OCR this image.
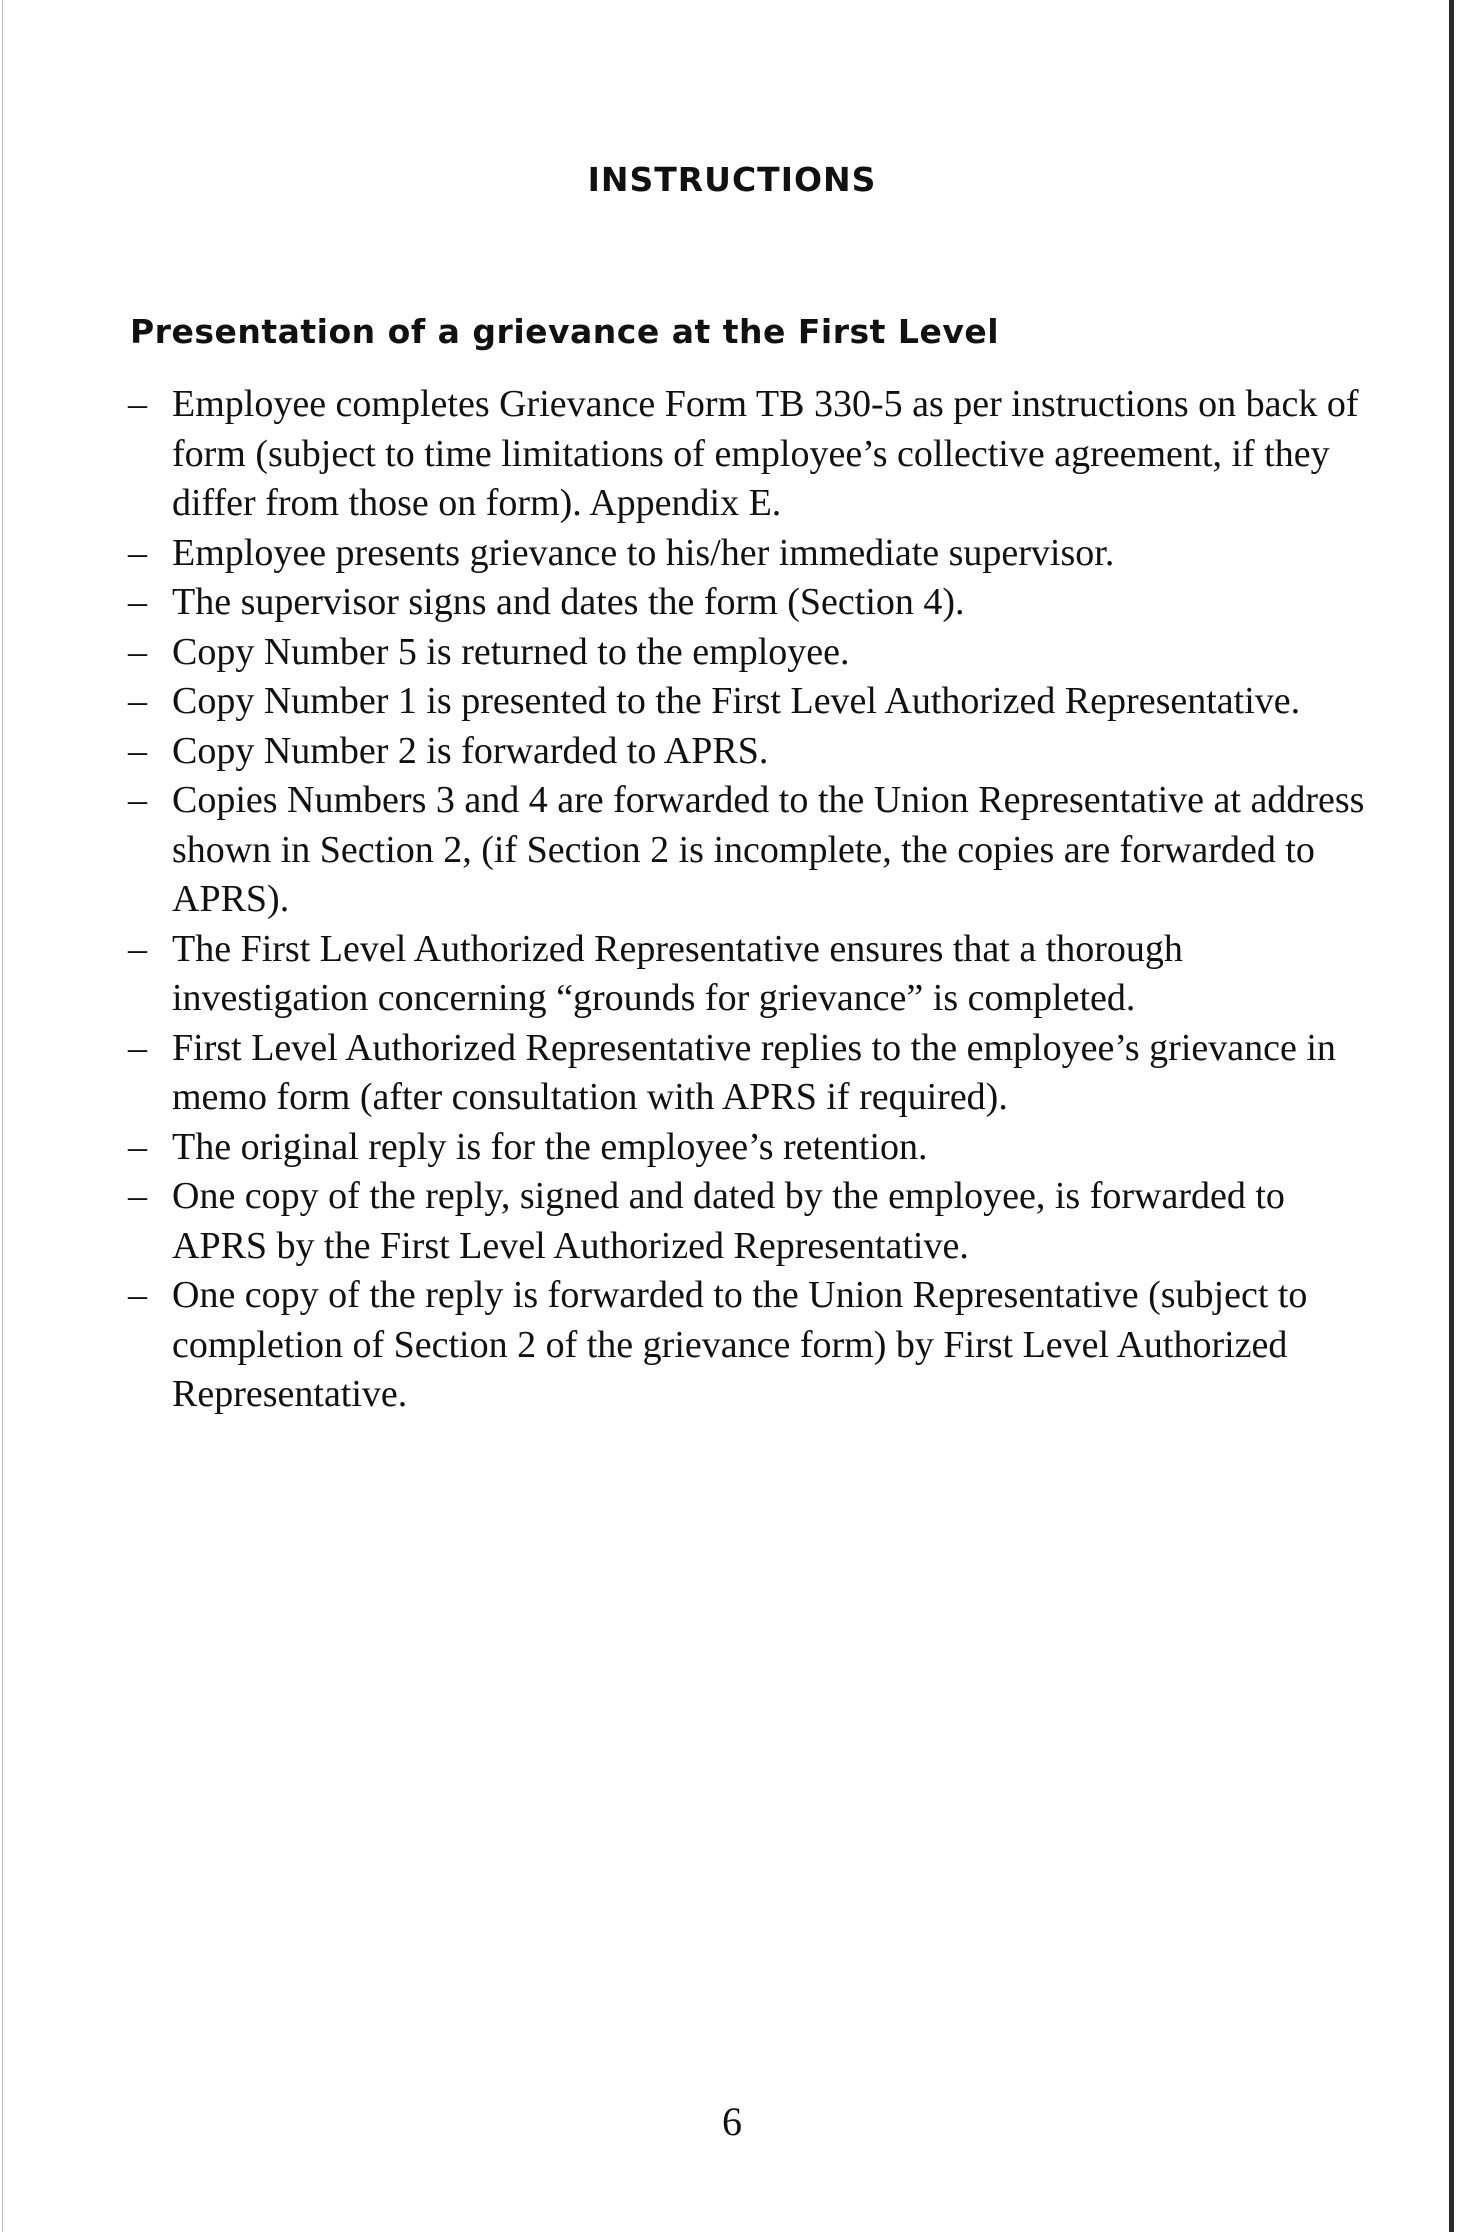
INSTRUCTIONS
Presentation of a grievance at the First Level
– Employee completes Grievance Form TB 330-5 as per instructions on back of form (subject to time limitations of employee’s collective agreement, if they differ from those on form). Appendix E.
– Employee presents grievance to his/her immediate supervisor.
– The supervisor signs and dates the form (Section 4).
– Copy Number 5 is returned to the employee.
– Copy Number 1 is presented to the First Level Authorized Representative.
– Copy Number 2 is forwarded to APRS.
– Copies Numbers 3 and 4 are forwarded to the Union Representative at address shown in Section 2, (if Section 2 is incomplete, the copies are forwarded to APRS).
– The First Level Authorized Representative ensures that a thorough investigation concerning “grounds for grievance” is completed.
– First Level Authorized Representative replies to the employee’s grievance in memo form (after consultation with APRS if required).
– The original reply is for the employee’s retention.
– One copy of the reply, signed and dated by the employee, is forwarded to APRS by the First Level Authorized Representative.
– One copy of the reply is forwarded to the Union Representative (subject to completion of Section 2 of the grievance form) by First Level Authorized Representative.

6
